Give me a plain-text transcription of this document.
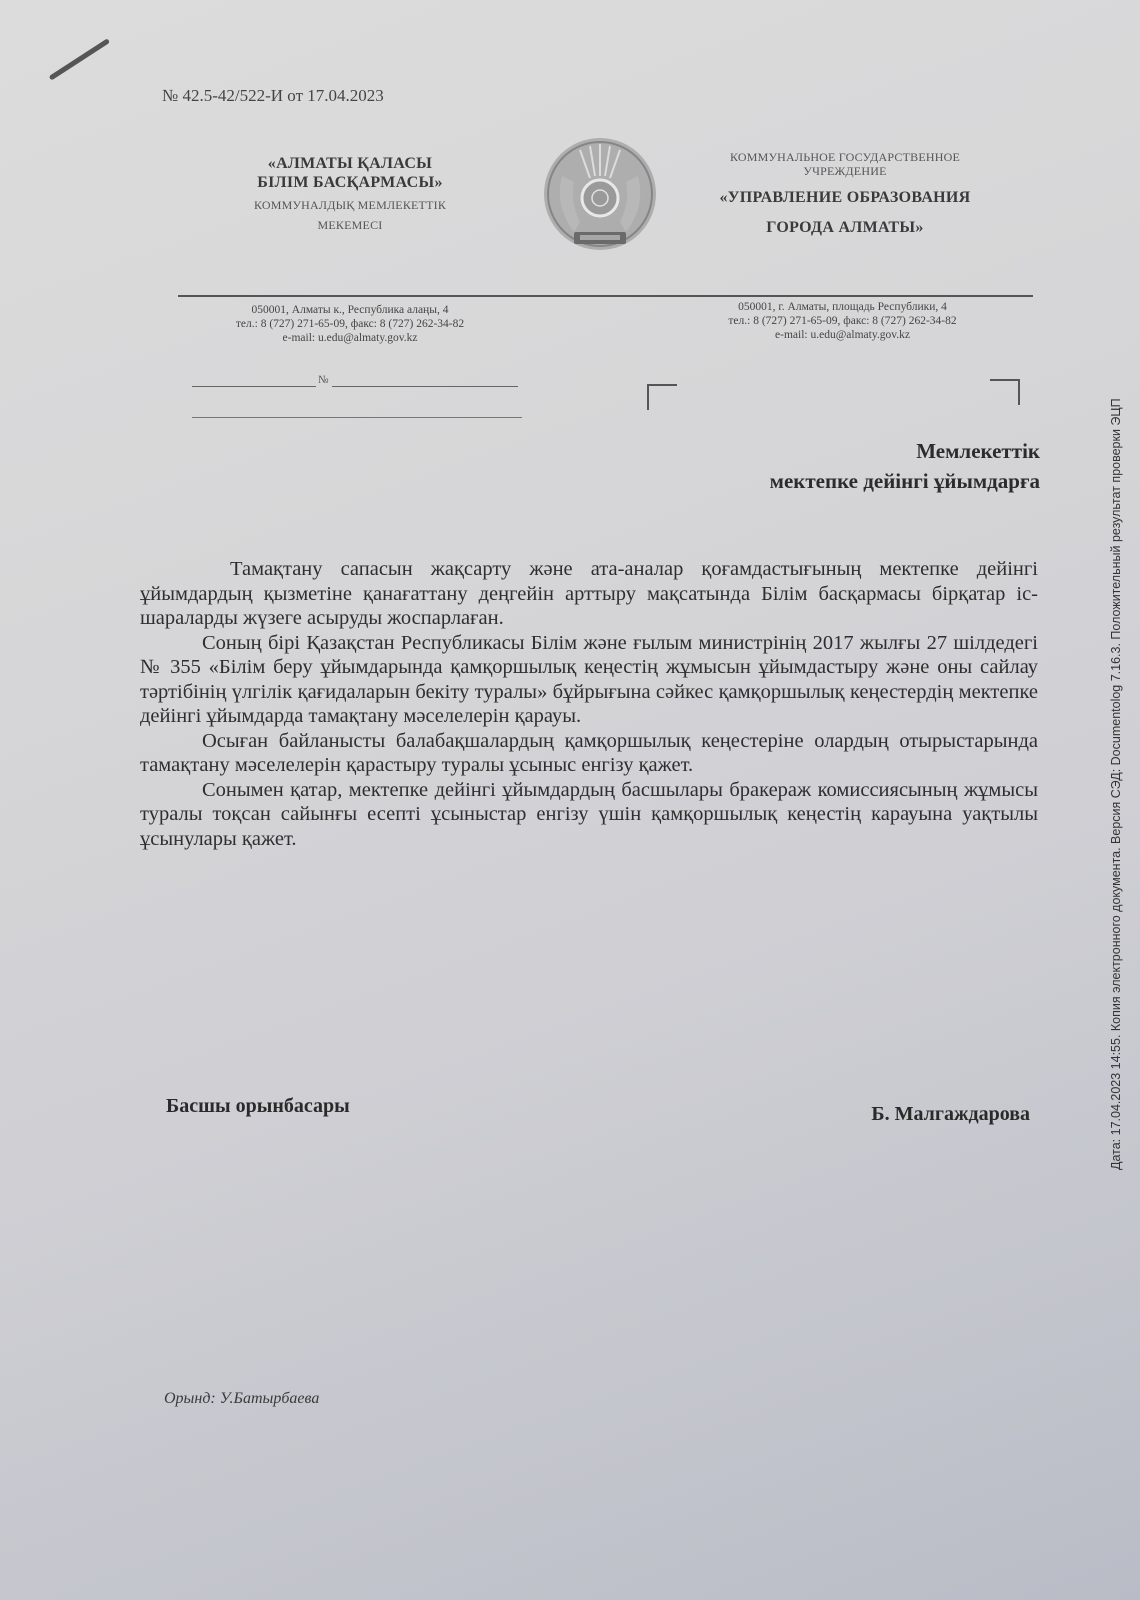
№ 42.5-42/522-И от 17.04.2023
«АЛМАТЫ ҚАЛАСЫ
БІЛІМ БАСҚАРМАСЫ»
КОММУНАЛДЫҚ МЕМЛЕКЕТТІК
МЕКЕМЕСІ
КОММУНАЛЬНОЕ ГОСУДАРСТВЕННОЕ
УЧРЕЖДЕНИЕ
«УПРАВЛЕНИЕ ОБРАЗОВАНИЯ
ГОРОДА АЛМАТЫ»
050001, Алматы к., Республика алаңы, 4
тел.: 8 (727) 271-65-09, факс: 8 (727) 262-34-82
e-mail: u.edu@almaty.gov.kz
050001, г. Алматы, площадь Республики, 4
тел.: 8 (727) 271-65-09, факс: 8 (727) 262-34-82
e-mail: u.edu@almaty.gov.kz
№
Мемлекеттік
мектепке дейінгі ұйымдарға

Тамақтану сапасын жақсарту және ата-аналар қоғамдастығының мектепке дейінгі ұйымдардың қызметіне қанағаттану деңгейін арттыру мақсатында Білім басқармасы бірқатар іс-шараларды жүзеге асыруды жоспарлаған.

Соның бірі Қазақстан Республикасы Білім және ғылым министрінің 2017 жылғы 27 шілдедегі № 355 «Білім беру ұйымдарында қамқоршылық кеңестің жұмысын ұйымдастыру және оны сайлау тәртібінің үлгілік қағидаларын бекіту туралы» бұйрығына сәйкес қамқоршылық кеңестердің мектепке дейінгі ұйымдарда тамақтану мәселелерін қарауы.

Осыған байланысты балабақшалардың қамқоршылық кеңестеріне олардың отырыстарында тамақтану мәселелерін қарастыру туралы ұсыныс енгізу қажет.

Сонымен қатар, мектепке дейінгі ұйымдардың басшылары бракераж комиссиясының жұмысы туралы тоқсан сайынғы есепті ұсыныстар енгізу үшін қамқоршылық кеңестің карауына уақтылы ұсынулары қажет.

Басшы орынбасары	Б. Малгаждарова
Орынд: У.Батырбаева
Дата: 17.04.2023 14:55. Копия электронного документа. Версия СЭД: Documentolog 7.16.3. Положительный результат проверки ЭЦП
